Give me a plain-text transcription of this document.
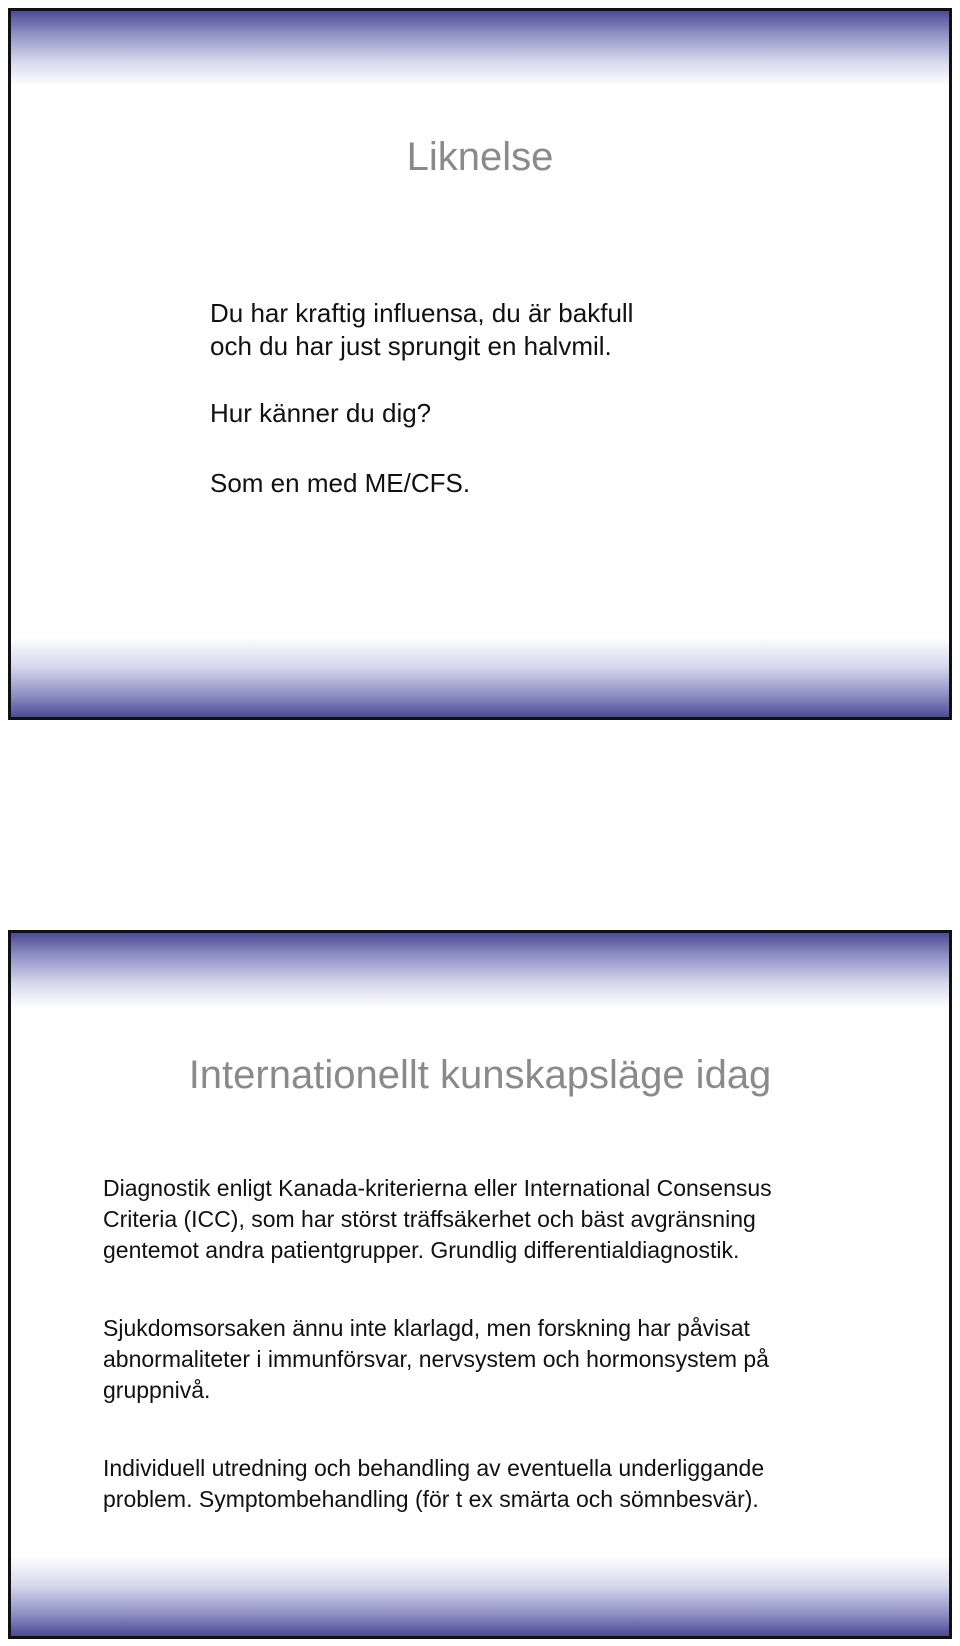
Liknelse

Du har kraftig influensa, du är bakfull
och du har just sprungit en halvmil.

Hur känner du dig?

Som en med ME/CFS.

Internationellt kunskapsläge idag

Diagnostik enligt Kanada-kriterierna eller International Consensus
Criteria (ICC), som har störst träffsäkerhet och bäst avgränsning
gentemot andra patientgrupper. Grundlig differentialdiagnostik.

Sjukdomsorsaken ännu inte klarlagd, men forskning har påvisat
abnormaliteter i immunförsvar, nervsystem och hormonsystem på
gruppnivå.

Individuell utredning och behandling av eventuella underliggande
problem. Symptombehandling (för t ex smärta och sömnbesvär).
